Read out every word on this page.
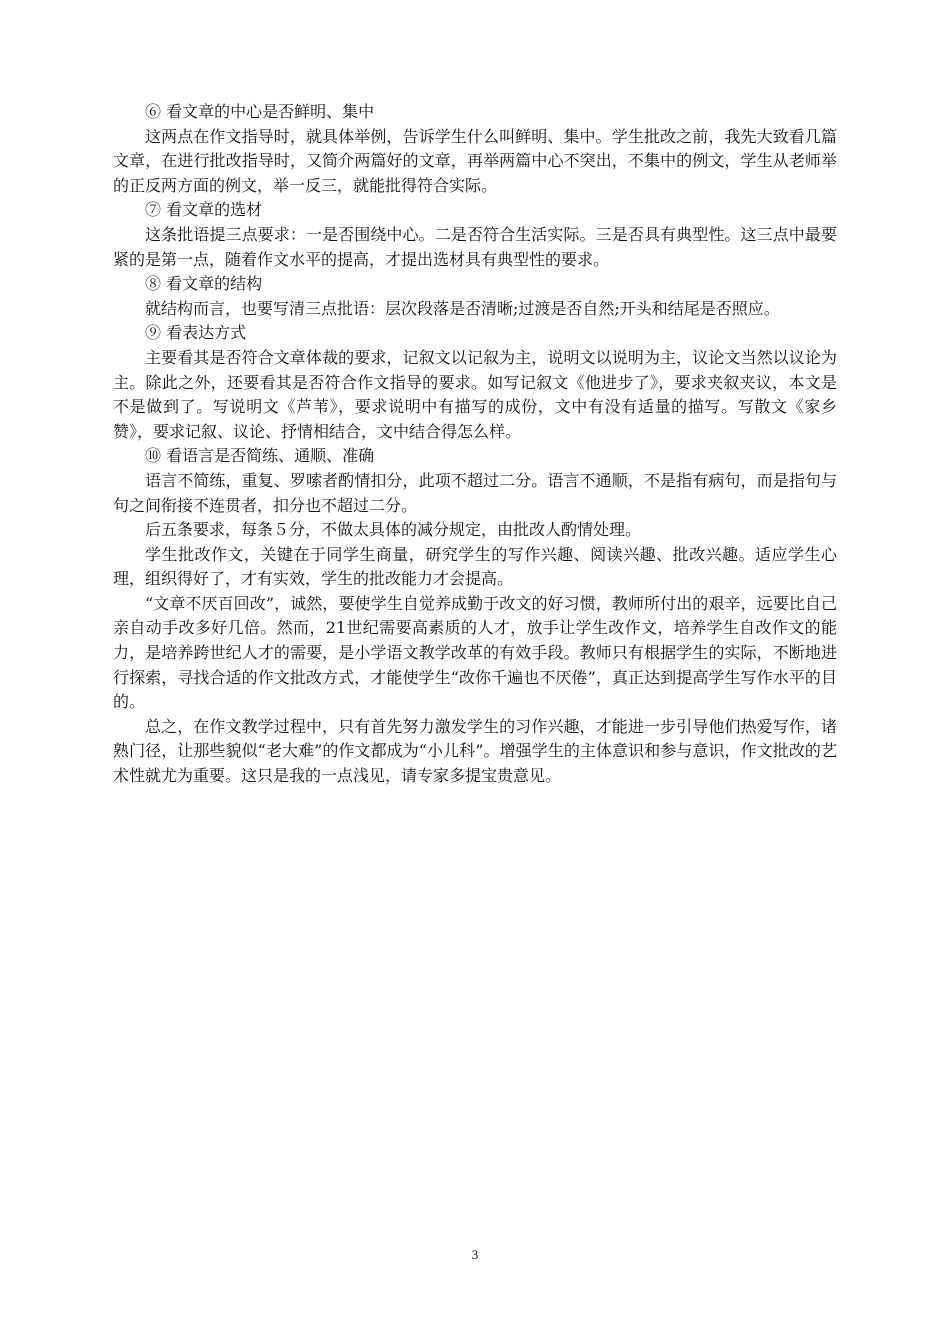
⑥ 看文章的中心是否鲜明、集中

这两点在作文指导时，就具体举例，告诉学生什么叫鲜明、集中。学生批改之前，我先大致看几篇文章，在进行批改指导时，又简介两篇好的文章，再举两篇中心不突出，不集中的例文，学生从老师举的正反两方面的例文，举一反三，就能批得符合实际。

⑦ 看文章的选材

这条批语提三点要求：一是否围绕中心。二是否符合生活实际。三是否具有典型性。这三点中最要紧的是第一点，随着作文水平的提高，才提出选材具有典型性的要求。

⑧ 看文章的结构

就结构而言，也要写清三点批语：层次段落是否清晰;过渡是否自然;开头和结尾是否照应。

⑨ 看表达方式

主要看其是否符合文章体裁的要求，记叙文以记叙为主，说明文以说明为主，议论文当然以议论为主。除此之外，还要看其是否符合作文指导的要求。如写记叙文《他进步了》，要求夹叙夹议，本文是不是做到了。写说明文《芦苇》，要求说明中有描写的成份，文中有没有适量的描写。写散文《家乡赞》，要求记叙、议论、抒情相结合，文中结合得怎么样。

⑩ 看语言是否简练、通顺、准确

语言不简练，重复、罗嗦者酌情扣分，此项不超过二分。语言不通顺，不是指有病句，而是指句与句之间衔接不连贯者，扣分也不超过二分。

后五条要求，每条５分，不做太具体的减分规定，由批改人酌情处理。

学生批改作文，关键在于同学生商量，研究学生的写作兴趣、阅读兴趣、批改兴趣。适应学生心理，组织得好了，才有实效，学生的批改能力才会提高。

“文章不厌百回改”，诚然，要使学生自觉养成勤于改文的好习惯，教师所付出的艰辛，远要比自己亲自动手改多好几倍。然而，21世纪需要高素质的人才，放手让学生改作文，培养学生自改作文的能力，是培养跨世纪人才的需要，是小学语文教学改革的有效手段。教师只有根据学生的实际，不断地进行探索，寻找合适的作文批改方式，才能使学生“改你千遍也不厌倦”，真正达到提高学生写作水平的目的。

总之，在作文教学过程中，只有首先努力激发学生的习作兴趣，才能进一步引导他们热爱写作，诸熟门径，让那些貌似“老大难”的作文都成为“小儿科”。增强学生的主体意识和参与意识，作文批改的艺术性就尤为重要。这只是我的一点浅见，请专家多提宝贵意见。

3
